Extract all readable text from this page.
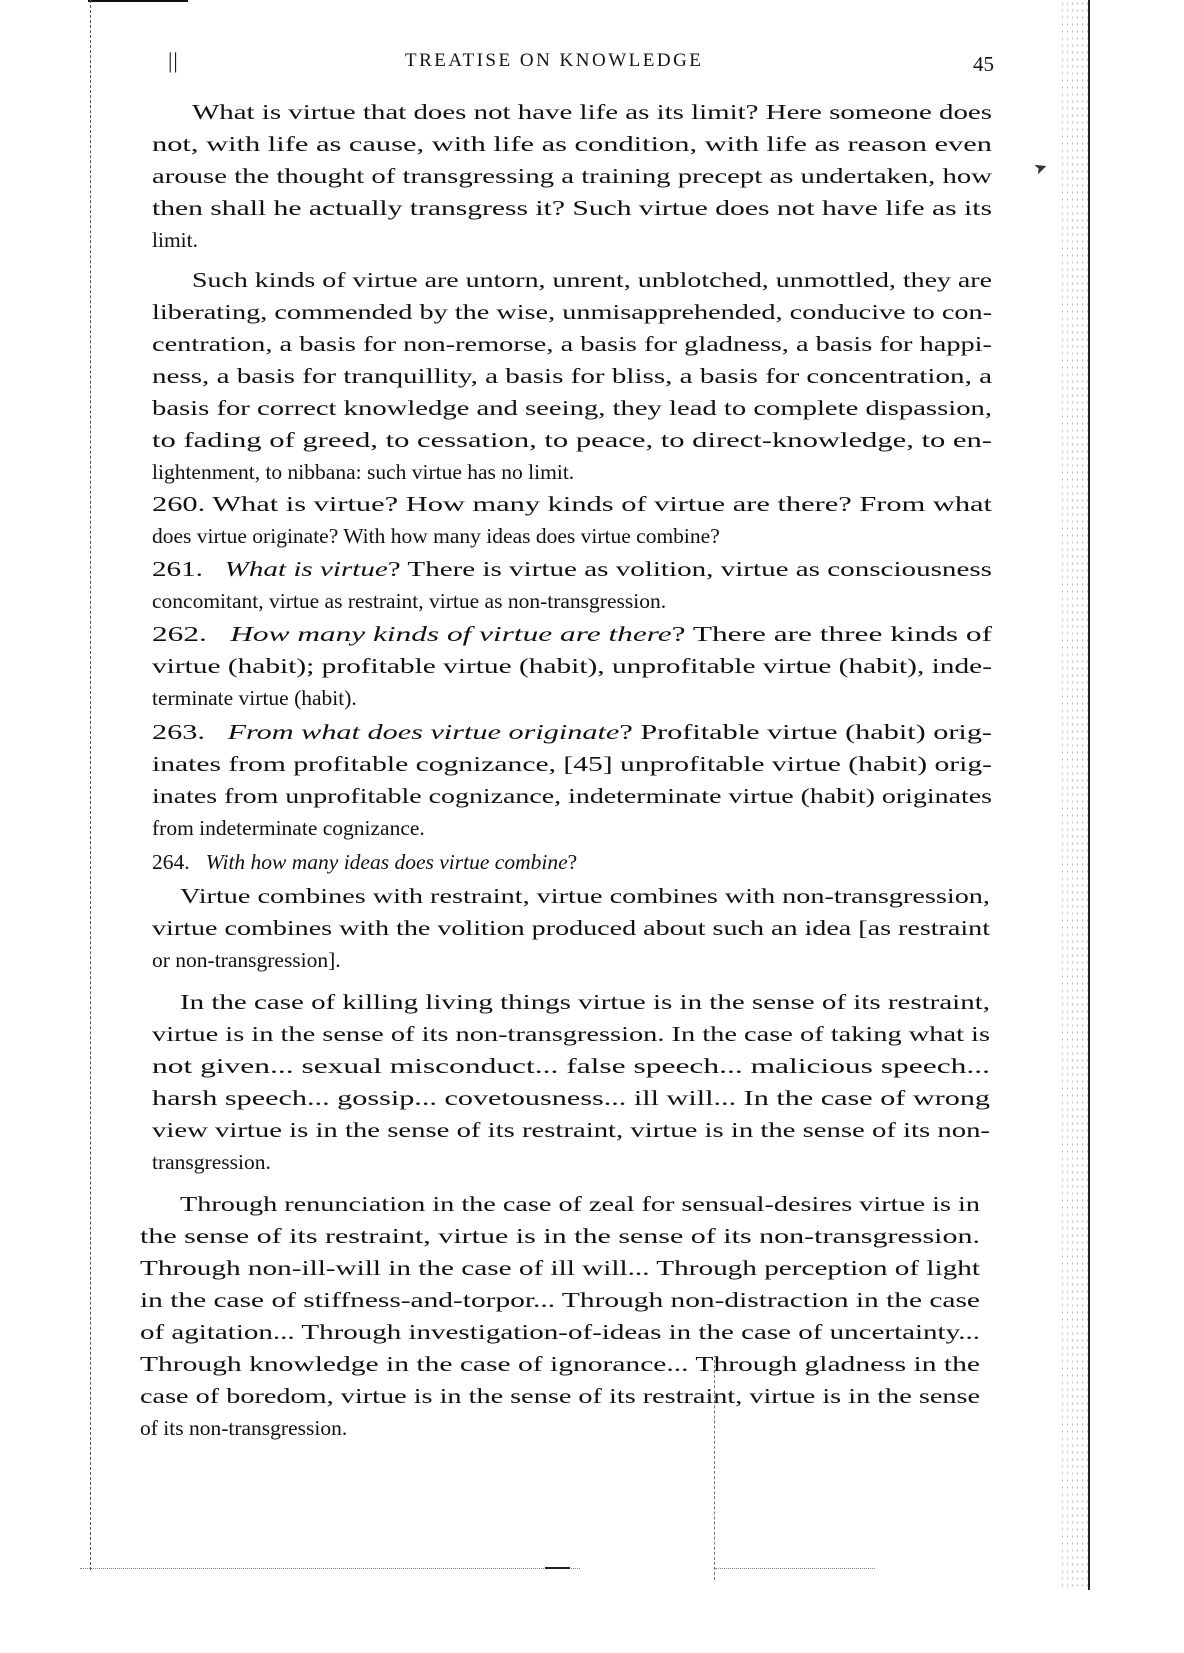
➤
||	TREATISE ON KNOWLEDGE	45
What is virtue that does not have life as its limit? Here someone does
not, with life as cause, with life as condition, with life as reason even
arouse the thought of transgressing a training precept as undertaken, how
then shall he actually transgress it? Such virtue does not have life as its
limit.
Such kinds of virtue are untorn, unrent, unblotched, unmottled, they are
liberating, commended by the wise, unmisapprehended, conducive to con-
centration, a basis for non-remorse, a basis for gladness, a basis for happi-
ness, a basis for tranquillity, a basis for bliss, a basis for concentration, a
basis for correct knowledge and seeing, they lead to complete dispassion,
to fading of greed, to cessation, to peace, to direct-knowledge, to en-
lightenment, to nibbana: such virtue has no limit.
260. What is virtue? How many kinds of virtue are there? From what
does virtue originate? With how many ideas does virtue combine?
261.   What is virtue? There is virtue as volition, virtue as consciousness
concomitant, virtue as restraint, virtue as non-transgression.
262.   How many kinds of virtue are there? There are three kinds of
virtue (habit); profitable virtue (habit), unprofitable virtue (habit), inde-
terminate virtue (habit).
263.   From what does virtue originate? Profitable virtue (habit) orig-
inates from profitable cognizance, [45] unprofitable virtue (habit) orig-
inates from unprofitable cognizance, indeterminate virtue (habit) originates
from indeterminate cognizance.
264.   With how many ideas does virtue combine?
Virtue combines with restraint, virtue combines with non-transgression,
virtue combines with the volition produced about such an idea [as restraint
or non-transgression].
In the case of killing living things virtue is in the sense of its restraint,
virtue is in the sense of its non-transgression. In the case of taking what is
not given... sexual misconduct... false speech... malicious speech...
harsh speech... gossip... covetousness... ill will... In the case of wrong
view virtue is in the sense of its restraint, virtue is in the sense of its non-
transgression.
Through renunciation in the case of zeal for sensual-desires virtue is in
the sense of its restraint, virtue is in the sense of its non-transgression.
Through non-ill-will in the case of ill will... Through perception of light
in the case of stiffness-and-torpor... Through non-distraction in the case
of agitation... Through investigation-of-ideas in the case of uncertainty...
Through knowledge in the case of ignorance... Through gladness in the
case of boredom, virtue is in the sense of its restraint, virtue is in the sense
of its non-transgression.
